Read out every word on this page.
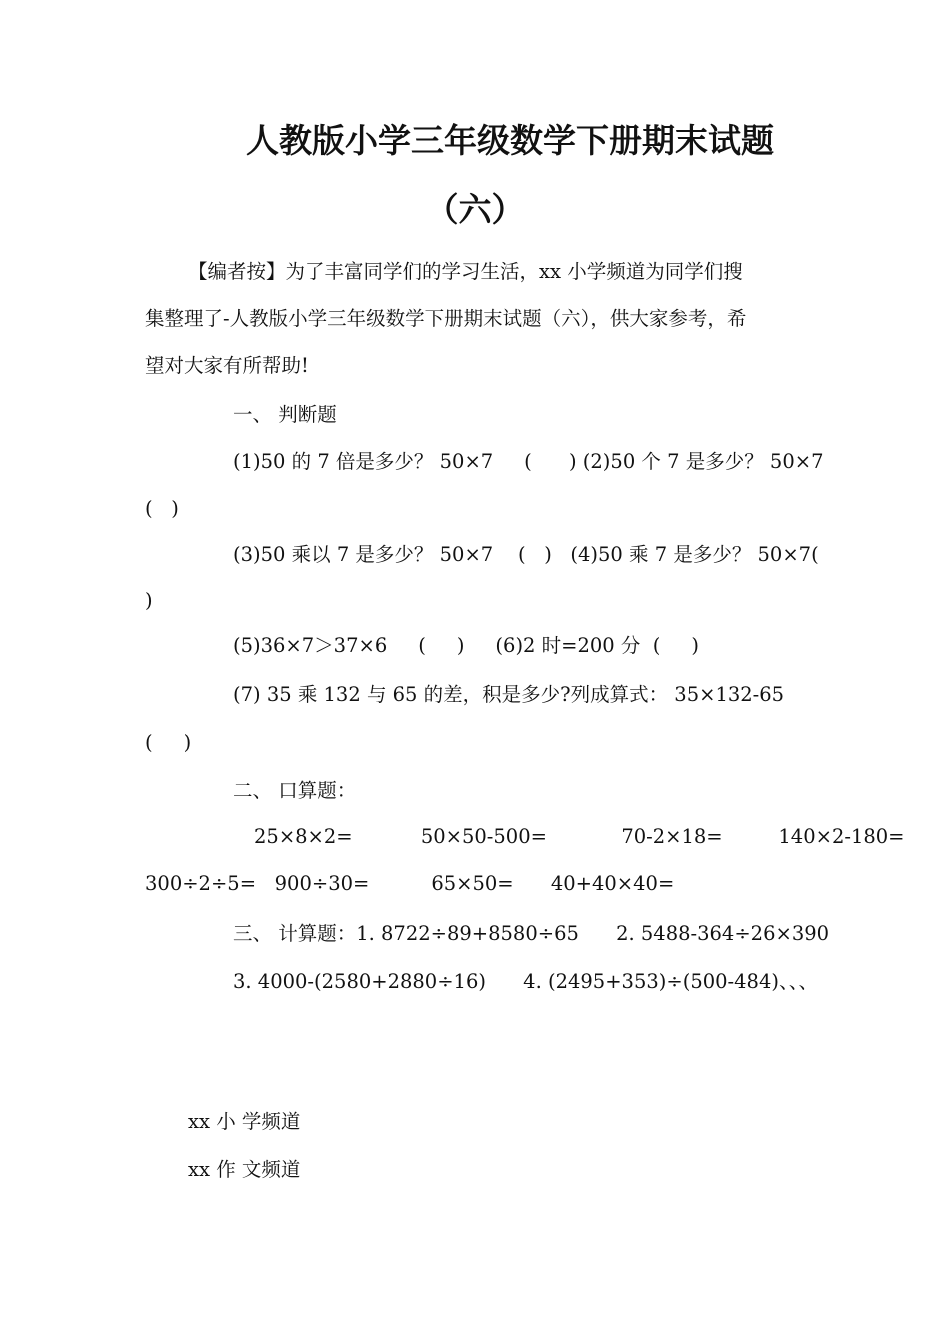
人教版小学三年级数学下册期末试题
（六）
【编者按】为了丰富同学们的学习生活，xx 小学频道为同学们搜
集整理了-人教版小学三年级数学下册期末试题（六），供大家参考，希
望对大家有所帮助!
一、 判断题
(1)50 的 7 倍是多少？ 50×7     (      ) (2)50 个 7 是多少？ 50×7
(   )
(3)50 乘以 7 是多少？ 50×7    (   )   (4)50 乘 7 是多少？ 50×7(
)
(5)36×7＞37×6     (     )     (6)2 时=200 分  (     )
(7) 35 乘 132 与 65 的差，积是多少?列成算式： 35×132-65
(     )
二、 口算题：
25×8×2=           50×50-500=            70-2×18=         140×2-180=
300÷2÷5=   900÷30=          65×50=      40+40×40=
三、 计算题：1. 8722÷89+8580÷65      2. 5488-364÷26×390
3. 4000-(2580+2880÷16)      4. (2495+353)÷(500-484)、、、
xx 小 学频道
xx 作 文频道
